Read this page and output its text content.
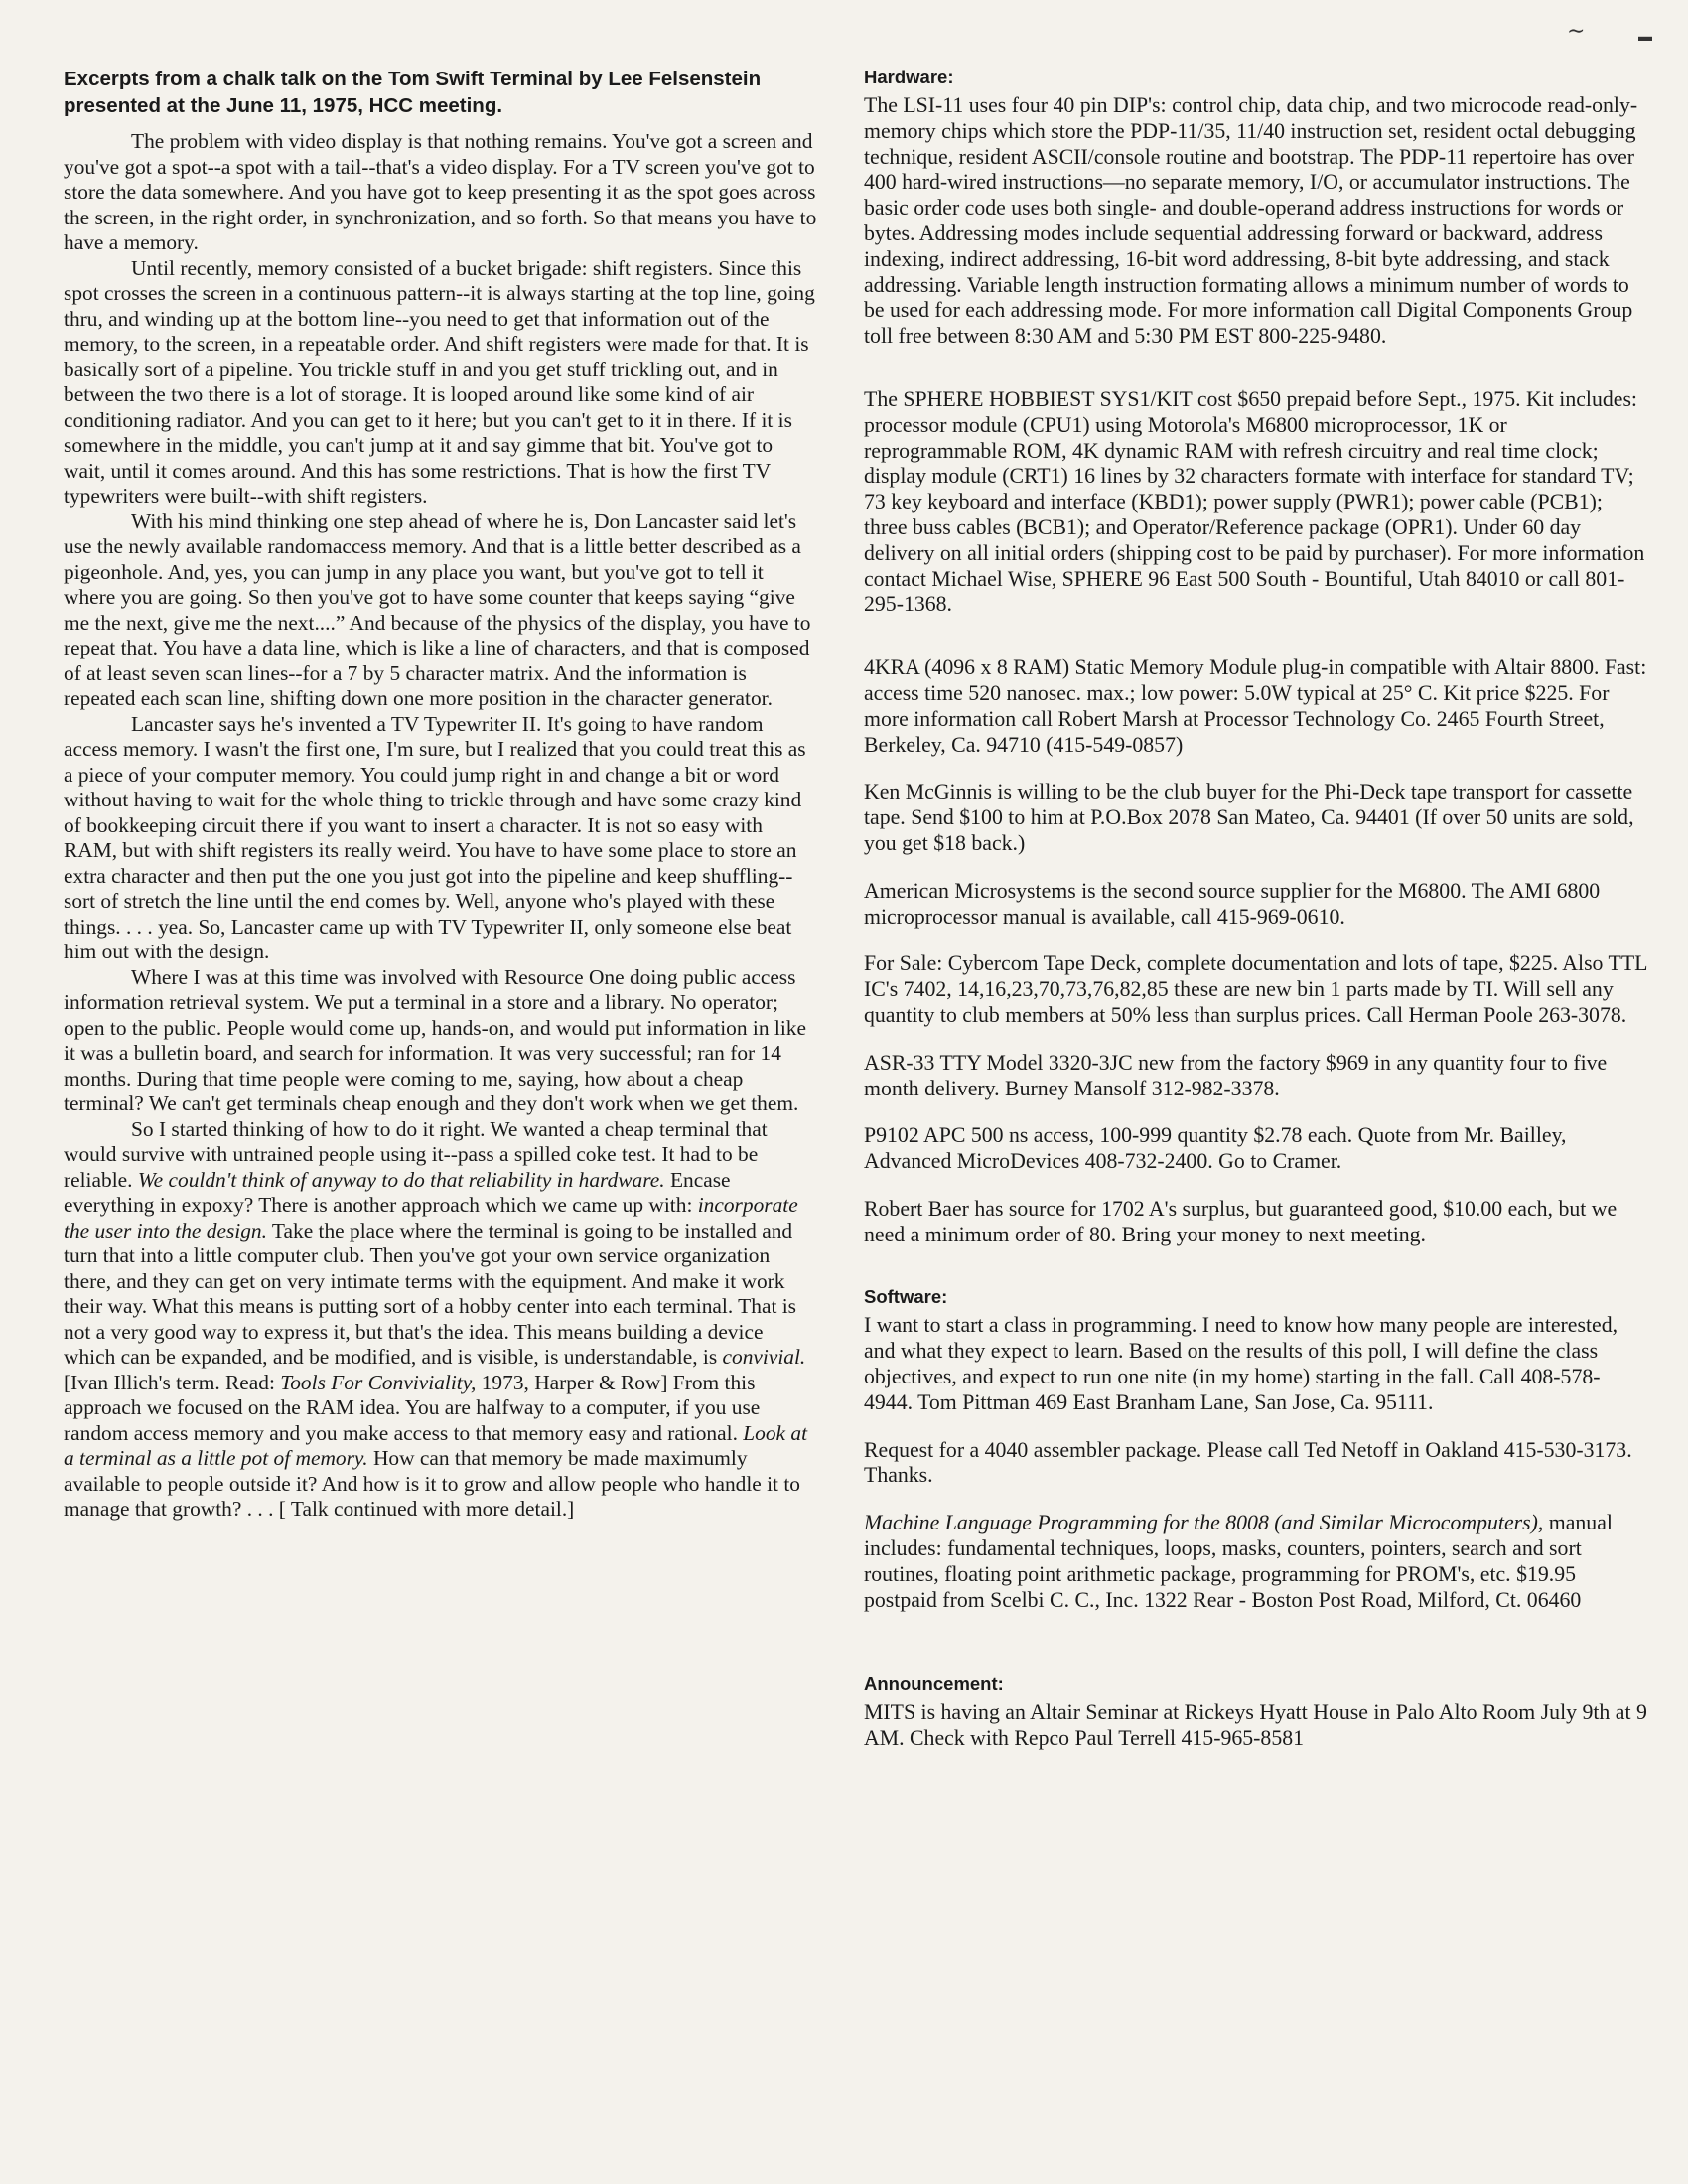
∼	▬

Excerpts from a chalk talk on the Tom Swift Terminal by Lee Felsenstein presented at the June 11, 1975, HCC meeting.

The problem with video display is that nothing remains. You've got a screen and you've got a spot--a spot with a tail--that's a video display. For a TV screen you've got to store the data somewhere. And you have got to keep presenting it as the spot goes across the screen, in the right order, in synchronization, and so forth. So that means you have to have a memory.

Until recently, memory consisted of a bucket brigade: shift registers. Since this spot crosses the screen in a continuous pattern--it is always starting at the top line, going thru, and winding up at the bottom line--you need to get that information out of the memory, to the screen, in a repeatable order. And shift registers were made for that. It is basically sort of a pipeline. You trickle stuff in and you get stuff trickling out, and in between the two there is a lot of storage. It is looped around like some kind of air conditioning radiator. And you can get to it here; but you can't get to it in there. If it is somewhere in the middle, you can't jump at it and say gimme that bit. You've got to wait, until it comes around. And this has some restrictions. That is how the first TV typewriters were built--with shift registers.

With his mind thinking one step ahead of where he is, Don Lancaster said let's use the newly available randomaccess memory. And that is a little better described as a pigeonhole. And, yes, you can jump in any place you want, but you've got to tell it where you are going. So then you've got to have some counter that keeps saying “give me the next, give me the next....” And because of the physics of the display, you have to repeat that. You have a data line, which is like a line of characters, and that is composed of at least seven scan lines--for a 7 by 5 character matrix. And the information is repeated each scan line, shifting down one more position in the character generator.

Lancaster says he's invented a TV Typewriter II. It's going to have random access memory. I wasn't the first one, I'm sure, but I realized that you could treat this as a piece of your computer memory. You could jump right in and change a bit or word without having to wait for the whole thing to trickle through and have some crazy kind of bookkeeping circuit there if you want to insert a character. It is not so easy with RAM, but with shift registers its really weird. You have to have some place to store an extra character and then put the one you just got into the pipeline and keep shuffling--sort of stretch the line until the end comes by. Well, anyone who's played with these things. . . . yea. So, Lancaster came up with TV Typewriter II, only someone else beat him out with the design.

Where I was at this time was involved with Resource One doing public access information retrieval system. We put a terminal in a store and a library. No operator; open to the public. People would come up, hands-on, and would put information in like it was a bulletin board, and search for information. It was very successful; ran for 14 months. During that time people were coming to me, saying, how about a cheap terminal? We can't get terminals cheap enough and they don't work when we get them.

So I started thinking of how to do it right. We wanted a cheap terminal that would survive with untrained people using it--pass a spilled coke test. It had to be reliable. We couldn't think of anyway to do that reliability in hardware. Encase everything in expoxy? There is another approach which we came up with: incorporate the user into the design. Take the place where the terminal is going to be installed and turn that into a little computer club. Then you've got your own service organization there, and they can get on very intimate terms with the equipment. And make it work their way. What this means is putting sort of a hobby center into each terminal. That is not a very good way to express it, but that's the idea. This means building a device which can be expanded, and be modified, and is visible, is understandable, is convivial. [Ivan Illich's term. Read: Tools For Conviviality, 1973, Harper & Row] From this approach we focused on the RAM idea. You are halfway to a computer, if you use random access memory and you make access to that memory easy and rational. Look at a terminal as a little pot of memory. How can that memory be made maximumly available to people outside it? And how is it to grow and allow people who handle it to manage that growth? . . . [ Talk continued with more detail.]

Hardware:

The LSI-11 uses four 40 pin DIP's: control chip, data chip, and two microcode read-only-memory chips which store the PDP-11/35, 11/40 instruction set, resident octal debugging technique, resident ASCII/console routine and bootstrap. The PDP-11 repertoire has over 400 hard-wired instructions—no separate memory, I/O, or accumulator instructions. The basic order code uses both single- and double-operand address instructions for words or bytes. Addressing modes include sequential addressing forward or backward, address indexing, indirect addressing, 16-bit word addressing, 8-bit byte addressing, and stack addressing. Variable length instruction formating allows a minimum number of words to be used for each addressing mode. For more information call Digital Components Group toll free between 8:30 AM and 5:30 PM EST 800-225-9480.

The SPHERE HOBBIEST SYS1/KIT cost $650 prepaid before Sept., 1975. Kit includes: processor module (CPU1) using Motorola's M6800 microprocessor, 1K or reprogrammable ROM, 4K dynamic RAM with refresh circuitry and real time clock; display module (CRT1) 16 lines by 32 characters formate with interface for standard TV; 73 key keyboard and interface (KBD1); power supply (PWR1); power cable (PCB1); three buss cables (BCB1); and Operator/Reference package (OPR1). Under 60 day delivery on all initial orders (shipping cost to be paid by purchaser). For more information contact Michael Wise, SPHERE 96 East 500 South - Bountiful, Utah 84010 or call 801-295-1368.

4KRA (4096 x 8 RAM) Static Memory Module plug-in compatible with Altair 8800. Fast: access time 520 nanosec. max.; low power: 5.0W typical at 25° C. Kit price $225. For more information call Robert Marsh at Processor Technology Co. 2465 Fourth Street, Berkeley, Ca. 94710 (415-549-0857)

Ken McGinnis is willing to be the club buyer for the Phi-Deck tape transport for cassette tape. Send $100 to him at P.O.Box 2078 San Mateo, Ca. 94401 (If over 50 units are sold, you get $18 back.)

American Microsystems is the second source supplier for the M6800. The AMI 6800 microprocessor manual is available, call 415-969-0610.

For Sale: Cybercom Tape Deck, complete documentation and lots of tape, $225. Also TTL IC's 7402, 14,16,23,70,73,76,82,85 these are new bin 1 parts made by TI. Will sell any quantity to club members at 50% less than surplus prices. Call Herman Poole 263-3078.

ASR-33 TTY Model 3320-3JC new from the factory $969 in any quantity four to five month delivery. Burney Mansolf 312-982-3378.

P9102 APC 500 ns access, 100-999 quantity $2.78 each. Quote from Mr. Bailley, Advanced MicroDevices 408-732-2400. Go to Cramer.

Robert Baer has source for 1702 A's surplus, but guaranteed good, $10.00 each, but we need a minimum order of 80. Bring your money to next meeting.

Software:

I want to start a class in programming. I need to know how many people are interested, and what they expect to learn. Based on the results of this poll, I will define the class objectives, and expect to run one nite (in my home) starting in the fall. Call 408-578-4944. Tom Pittman 469 East Branham Lane, San Jose, Ca. 95111.

Request for a 4040 assembler package. Please call Ted Netoff in Oakland 415-530-3173. Thanks.

Machine Language Programming for the 8008 (and Similar Microcomputers), manual includes: fundamental techniques, loops, masks, counters, pointers, search and sort routines, floating point arithmetic package, programming for PROM's, etc. $19.95 postpaid from Scelbi C. C., Inc. 1322 Rear - Boston Post Road, Milford, Ct. 06460

Announcement:

MITS is having an Altair Seminar at Rickeys Hyatt House in Palo Alto Room July 9th at 9 AM. Check with Repco Paul Terrell 415-965-8581
